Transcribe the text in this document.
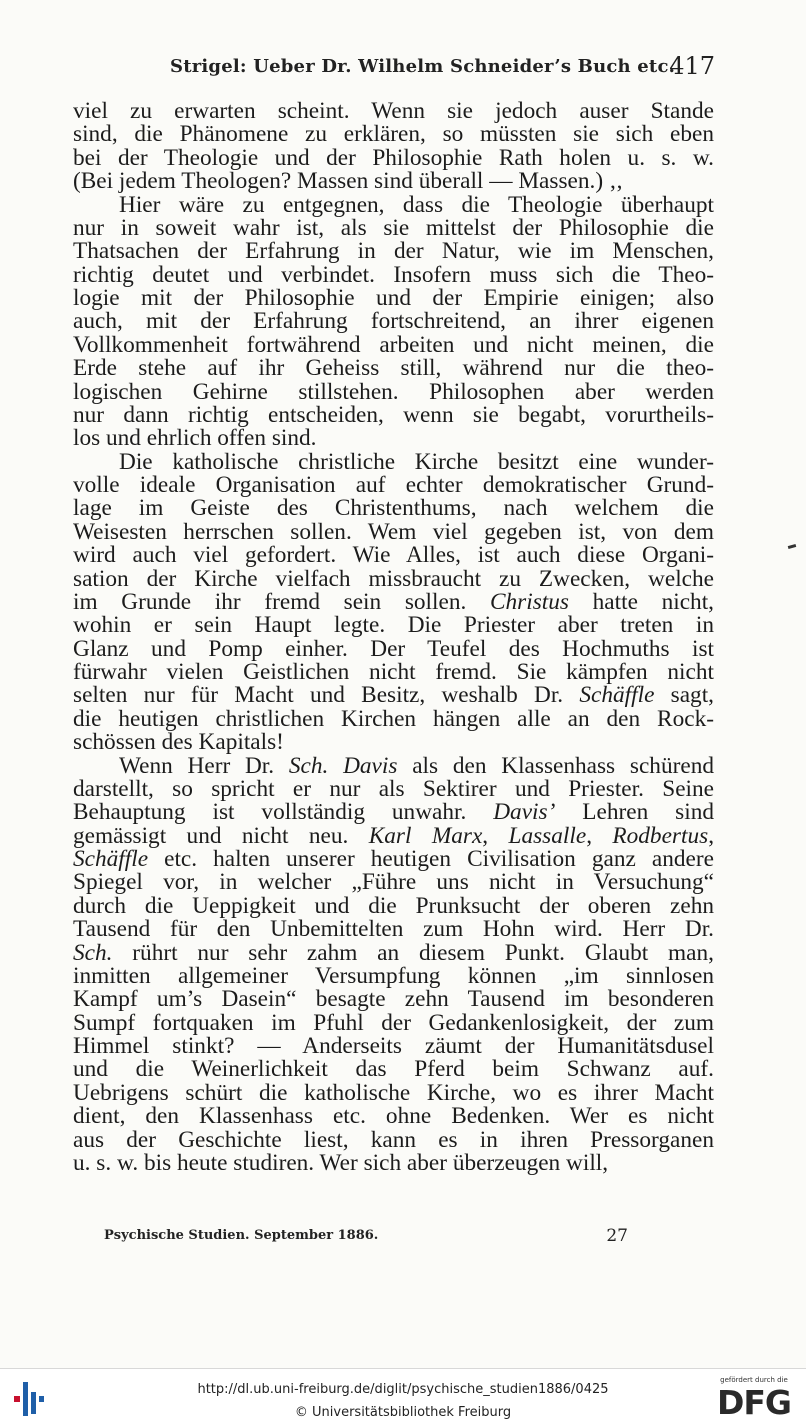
Strigel: Ueber Dr. Wilhelm Schneider’s Buch etc.
417

viel zu erwarten scheint. Wenn sie jedoch auser Stande
sind, die Phänomene zu erklären, so müssten sie sich eben
bei der Theologie und der Philosophie Rath holen u. s. w.
(Bei jedem Theologen? Massen sind überall — Massen.) ‚,

Hier wäre zu entgegnen, dass die Theologie überhaupt
nur in soweit wahr ist, als sie mittelst der Philosophie die
Thatsachen der Erfahrung in der Natur, wie im Menschen,
richtig deutet und verbindet. Insofern muss sich die Theo-
logie mit der Philosophie und der Empirie einigen; also
auch, mit der Erfahrung fortschreitend, an ihrer eigenen
Vollkommenheit fortwährend arbeiten und nicht meinen, die
Erde stehe auf ihr Geheiss still, während nur die theo-
logischen Gehirne stillstehen. Philosophen aber werden
nur dann richtig entscheiden, wenn sie begabt, vorurtheils-
los und ehrlich offen sind.

Die katholische christliche Kirche besitzt eine wunder-
volle ideale Organisation auf echter demokratischer Grund-
lage im Geiste des Christenthums, nach welchem die
Weisesten herrschen sollen. Wem viel gegeben ist, von dem
wird auch viel gefordert. Wie Alles, ist auch diese Organi-
sation der Kirche vielfach missbraucht zu Zwecken, welche
im Grunde ihr fremd sein sollen. Christus hatte nicht,
wohin er sein Haupt legte. Die Priester aber treten in
Glanz und Pomp einher. Der Teufel des Hochmuths ist
fürwahr vielen Geistlichen nicht fremd. Sie kämpfen nicht
selten nur für Macht und Besitz, weshalb Dr. Schäffle sagt,
die heutigen christlichen Kirchen hängen alle an den Rock-
schössen des Kapitals!

Wenn Herr Dr. Sch. Davis als den Klassenhass schürend
darstellt, so spricht er nur als Sektirer und Priester. Seine
Behauptung ist vollständig unwahr. Davis’ Lehren sind
gemässigt und nicht neu. Karl Marx, Lassalle, Rodbertus,
Schäffle etc. halten unserer heutigen Civilisation ganz andere
Spiegel vor, in welcher „Führe uns nicht in Versuchung“
durch die Ueppigkeit und die Prunksucht der oberen zehn
Tausend für den Unbemittelten zum Hohn wird. Herr Dr.
Sch. rührt nur sehr zahm an diesem Punkt. Glaubt man,
inmitten allgemeiner Versumpfung können „im sinnlosen
Kampf um’s Dasein“ besagte zehn Tausend im besonderen
Sumpf fortquaken im Pfuhl der Gedankenlosigkeit, der zum
Himmel stinkt? — Anderseits zäumt der Humanitätsdusel
und die Weinerlichkeit das Pferd beim Schwanz auf.
Uebrigens schürt die katholische Kirche, wo es ihrer Macht
dient, den Klassenhass etc. ohne Bedenken. Wer es nicht
aus der Geschichte liest, kann es in ihren Pressorganen
u. s. w. bis heute studiren. Wer sich aber überzeugen will,

Psychische Studien. September 1886.	27
http://dl.ub.uni-freiburg.de/diglit/psychische_studien1886/0425
© Universitätsbibliothek Freiburg
gefördert durch die
DFG
